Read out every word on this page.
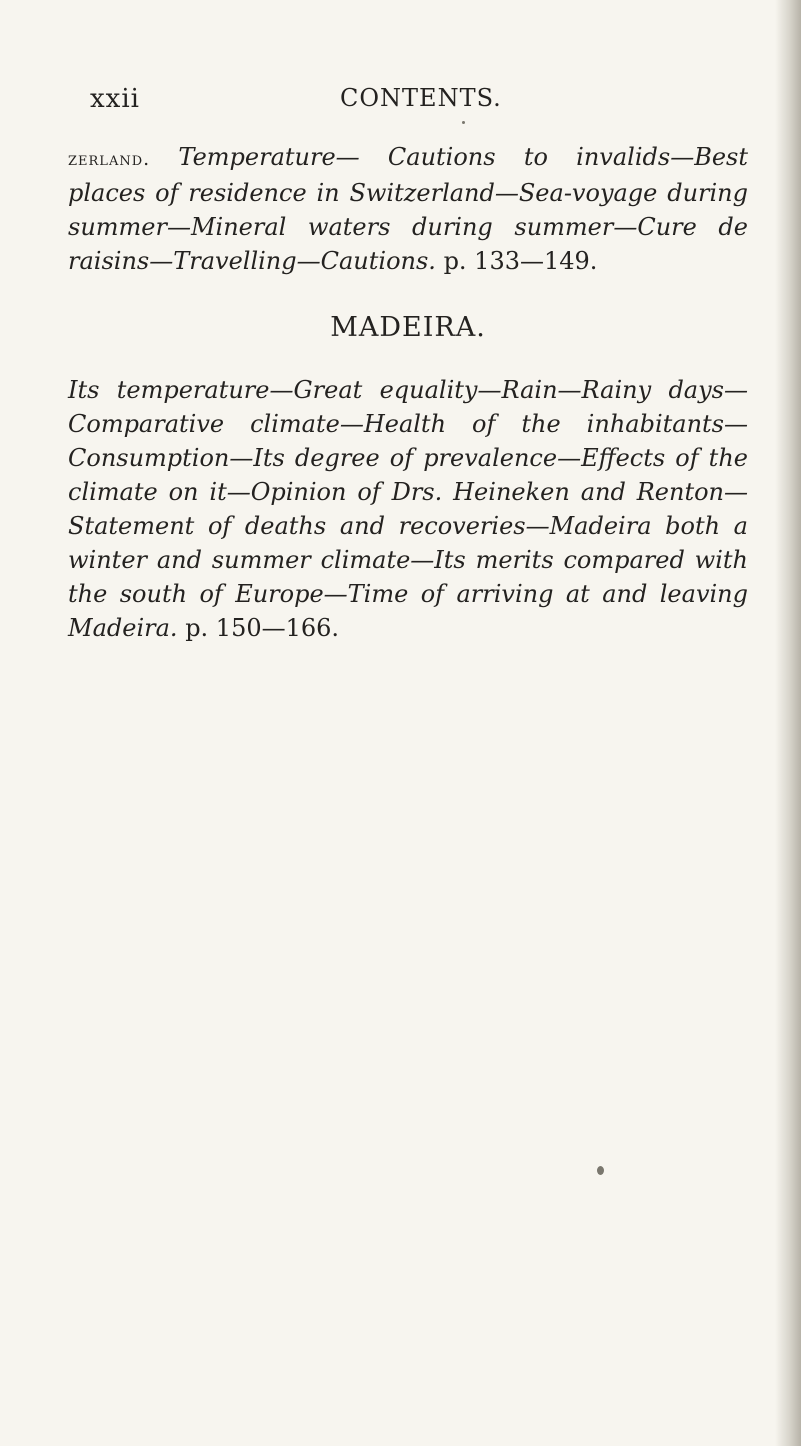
xxii	CONTENTS.

zerland. Temperature— Cautions to invalids—Best places of residence in Switzerland—Sea-voyage during summer—Mineral waters during summer—Cure de raisins—Travelling—Cautions. p. 133—149.

MADEIRA.

Its temperature—Great equality—Rain—Rainy days—Comparative climate—Health of the inhabitants—Consumption—Its degree of prevalence—Effects of the climate on it—Opinion of Drs. Heineken and Renton—Statement of deaths and recoveries—Madeira both a winter and summer climate—Its merits compared with the south of Europe—Time of arriving at and leaving Madeira. p. 150—166.
